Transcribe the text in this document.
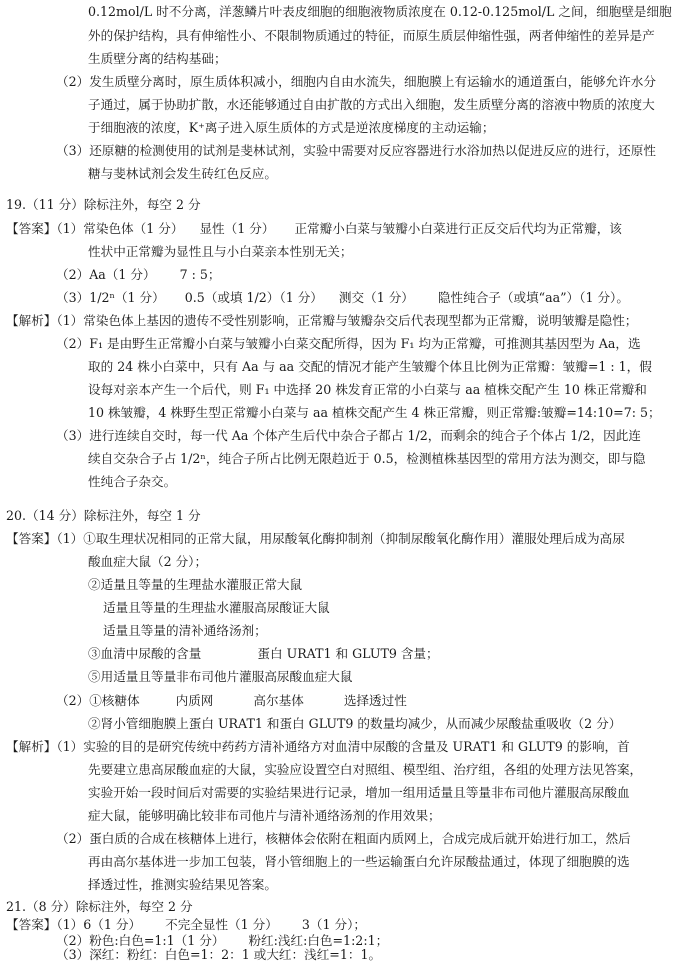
0.12mol/L 时不分离，洋葱鳞片叶表皮细胞的细胞液物质浓度在 0.12-0.125mol/L 之间，细胞壁是细胞
外的保护结构，具有伸缩性小、不限制物质通过的特征，而原生质层伸缩性强，两者伸缩性的差异是产
生质壁分离的结构基础；
（2）发生质壁分离时，原生质体积减小，细胞内自由水流失，细胞膜上有运输水的通道蛋白，能够允许水分
子通过，属于协助扩散，水还能够通过自由扩散的方式出入细胞，发生质壁分离的溶液中物质的浓度大
于细胞液的浓度，K⁺离子进入原生质体的方式是逆浓度梯度的主动运输；
（3）还原糖的检测使用的试剂是斐林试剂，实验中需要对反应容器进行水浴加热以促进反应的进行，还原性
糖与斐林试剂会发生砖红色反应。
19.（11 分）除标注外，每空 2 分
【答案】（1）常染色体（1 分）    显性（1 分）     正常瓣小白菜与皱瓣小白菜进行正反交后代均为正常瓣，该
性状中正常瓣为显性且与小白菜亲本性别无关；
（2）Aa（1 分）      7 : 5；
（3）1/2ⁿ（1 分）     0.5（或填 1/2）（1 分）    测交（1 分）      隐性纯合子（或填“aa”）（1 分）。
【解析】（1）常染色体上基因的遗传不受性别影响，正常瓣与皱瓣杂交后代表现型都为正常瓣，说明皱瓣是隐性；
（2）F₁ 是由野生正常瓣小白菜与皱瓣小白菜交配所得，因为 F₁ 均为正常瓣，可推测其基因型为 Aa，选
取的 24 株小白菜中，只有 Aa 与 aa 交配的情况才能产生皱瓣个体且比例为正常瓣：皱瓣=1 : 1，假
设每对亲本产生一个后代，则 F₁ 中选择 20 株发育正常的小白菜与 aa 植株交配产生 10 株正常瓣和
10 株皱瓣，4 株野生型正常瓣小白菜与 aa 植株交配产生 4 株正常瓣，则正常瓣:皱瓣=14:10=7: 5；
（3）进行连续自交时，每一代 Aa 个体产生后代中杂合子都占 1/2，而剩余的纯合子个体占 1/2，因此连
续自交杂合子占 1/2ⁿ，纯合子所占比例无限趋近于 0.5，检测植株基因型的常用方法为测交，即与隐
性纯合子杂交。
20.（14 分）除标注外，每空 1 分
【答案】（1）①取生理状况相同的正常大鼠，用尿酸氧化酶抑制剂（抑制尿酸氧化酶作用）灌服处理后成为高尿
酸血症大鼠（2 分）；
②适量且等量的生理盐水灌服正常大鼠
适量且等量的生理盐水灌服高尿酸证大鼠
适量且等量的清补通络汤剂；
③血清中尿酸的含量              蛋白 URAT1 和 GLUT9 含量；
⑤用适量且等量非布司他片灌服高尿酸血症大鼠
（2）①核糖体         内质网          高尔基体          选择透过性
②肾小管细胞膜上蛋白 URAT1 和蛋白 GLUT9 的数量均减少，从而减少尿酸盐重吸收（2 分）
【解析】（1）实验的目的是研究传统中药药方清补通络方对血清中尿酸的含量及 URAT1 和 GLUT9 的影响，首
先要建立患高尿酸血症的大鼠，实验应设置空白对照组、模型组、治疗组，各组的处理方法见答案，
实验开始一段时间后对需要的实验结果进行记录，增加一组用适量且等量非布司他片灌服高尿酸血
症大鼠，能够明确比较非布司他片与清补通络汤剂的作用效果；
（2）蛋白质的合成在核糖体上进行，核糖体会依附在粗面内质网上，合成完成后就开始进行加工，然后
再由高尔基体进一步加工包装，肾小管细胞上的一些运输蛋白允许尿酸盐通过，体现了细胞膜的选
择透过性，推测实验结果见答案。
21.（8 分）除标注外，每空 2 分
【答案】（1）6（1 分）      不完全显性（1 分）      3（1 分）；
（2）粉色:白色=1:1（1 分）      粉红:浅红:白色=1:2:1；
（3）深红：粉红：白色=1：2：1 或大红：浅红=1：1。
